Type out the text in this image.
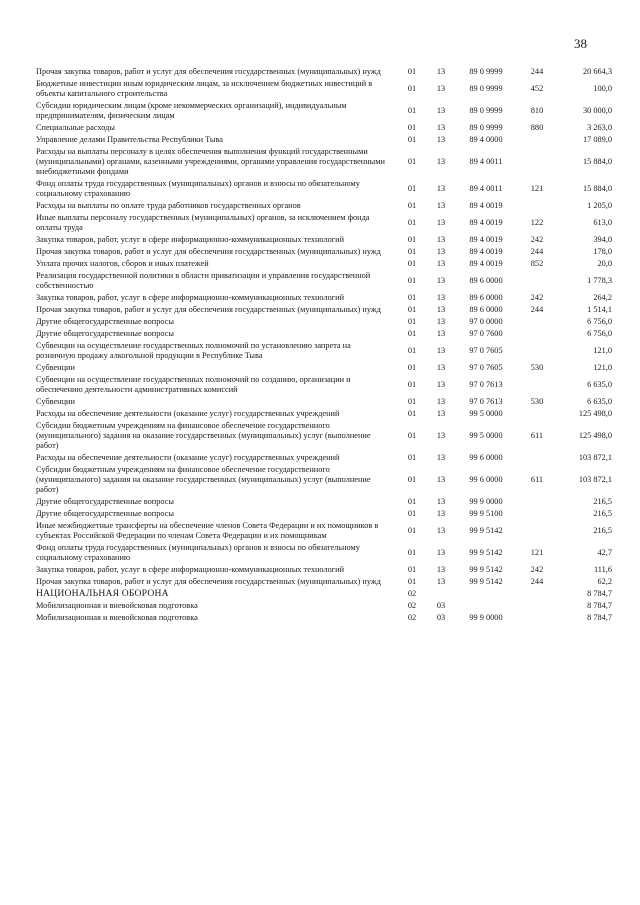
38
Прочая закупка товаров, работ и услуг для обеспечения государственных (муниципальных) нужд	01	13	89 0 9999	244	20 664,3
Бюджетные инвестиции иным юридическим лицам, за исключением бюджетных инвестиций в объекты капитального строительства	01	13	89 0 9999	452	100,0
Субсидии юридическим лицам (кроме некоммерческих организаций), индивидуальным предпринимателям, физическим лицам	01	13	89 0 9999	810	30 000,0
Специальные расходы	01	13	89 0 9999	880	3 263,0
Управление делами Правительства Республики Тыва	01	13	89 4 0000		17 089,0
Расходы на выплаты персоналу в целях обеспечения выполнения функций государственными (муниципальными) органами, казенными учреждениями, органами управления государственными внебюджетными фондами	01	13	89 4 0011		15 884,0
Фонд оплаты труда государственных (муниципальных) органов и взносы по обязательному социальному страхованию	01	13	89 4 0011	121	15 884,0
Расходы на выплаты по оплате труда работников государственных органов	01	13	89 4 0019		1 205,0
Иные выплаты персоналу государственных (муниципальных) органов, за исключением фонда оплаты труда	01	13	89 4 0019	122	613,0
Закупка товаров, работ, услуг в сфере информационно-коммуникационных технологий	01	13	89 4 0019	242	394,0
Прочая закупка товаров, работ и услуг для обеспечения государственных (муниципальных) нужд	01	13	89 4 0019	244	178,0
Уплата прочих налогов, сборов и иных платежей	01	13	89 4 0019	852	20,0
Реализация государственной политики в области приватизации и управления государственной собственностью	01	13	89 6 0000		1 778,3
Закупка товаров, работ, услуг в сфере информационно-коммуникационных технологий	01	13	89 6 0000	242	264,2
Прочая закупка товаров, работ и услуг для обеспечения государственных (муниципальных) нужд	01	13	89 6 0000	244	1 514,1
Другие общегосударственные вопросы	01	13	97 0 0000		6 756,0
Другие общегосударственные вопросы	01	13	97 0 7600		6 756,0
Субвенции на осуществление государственных полномочий по установлению запрета на розничную продажу алкогольной продукции в Республике Тыва	01	13	97 0 7605		121,0
Субвенции	01	13	97 0 7605	530	121,0
Субвенции на осуществление государственных полномочий по созданию, организации и обеспечению деятельности административных комиссий	01	13	97 0 7613		6 635,0
Субвенции	01	13	97 0 7613	530	6 635,0
Расходы на обеспечение деятельности (оказание услуг) государственных учреждений	01	13	99 5 0000		125 498,0
Субсидии бюджетным учреждениям на финансовое обеспечение государственного (муниципального) задания на оказание государственных (муниципальных) услуг (выполнение работ)	01	13	99 5 0000	611	125 498,0
Расходы на обеспечение деятельности (оказание услуг) государственных учреждений	01	13	99 6 0000		103 872,1
Субсидии бюджетным учреждениям на финансовое обеспечение государственного (муниципального) задания на оказание государственных (муниципальных) услуг (выполнение работ)	01	13	99 6 0000	611	103 872,1
Другие общегосударственные вопросы	01	13	99 9 0000		216,5
Другие общегосударственные вопросы	01	13	99 9 5100		216,5
Иные межбюджетные трансферты на обеспечение членов Совета Федерации и их помощников в субъектах Российской Федерации по членам Совета Федерации и их помощникам	01	13	99 9 5142		216,5
Фонд оплаты труда государственных (муниципальных) органов и взносы по обязательному социальному страхованию	01	13	99 9 5142	121	42,7
Закупка товаров, работ, услуг в сфере информационно-коммуникационных технологий	01	13	99 9 5142	242	111,6
Прочая закупка товаров, работ и услуг для обеспечения государственных (муниципальных) нужд	01	13	99 9 5142	244	62,2
НАЦИОНАЛЬНАЯ ОБОРОНА	02				8 784,7
Мобилизационная и вневойсковая подготовка	02	03			8 784,7
Мобилизационная и вневойсковая подготовка	02	03	99 9 0000		8 784,7
